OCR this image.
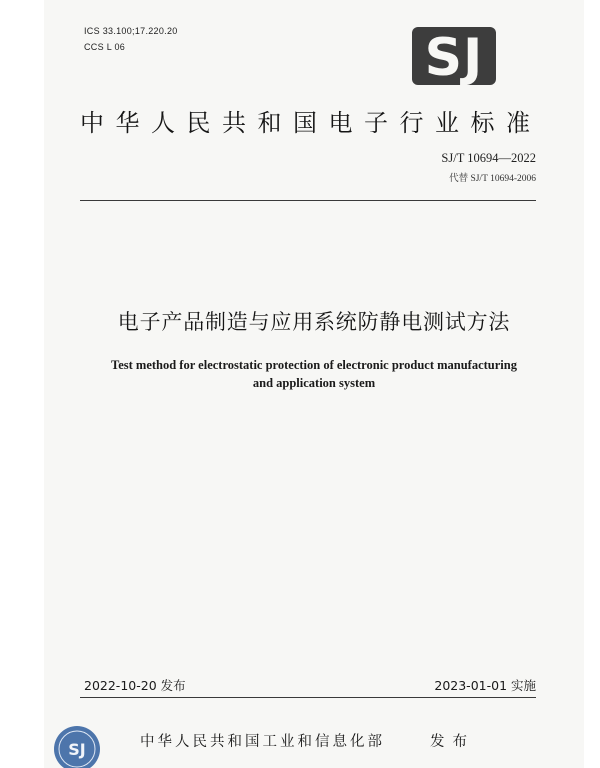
ICS 33.100;17.220.20
CCS L 06	SJ
中华人民共和国电子行业标准
SJ/T 10694—2022
代替 SJ/T 10694-2006
电子产品制造与应用系统防静电测试方法
Test method for electrostatic protection of electronic product manufacturing
and application system
2022-10-20 发布	2023-01-01 实施
SJ	中华人民共和国工业和信息化部	发布
